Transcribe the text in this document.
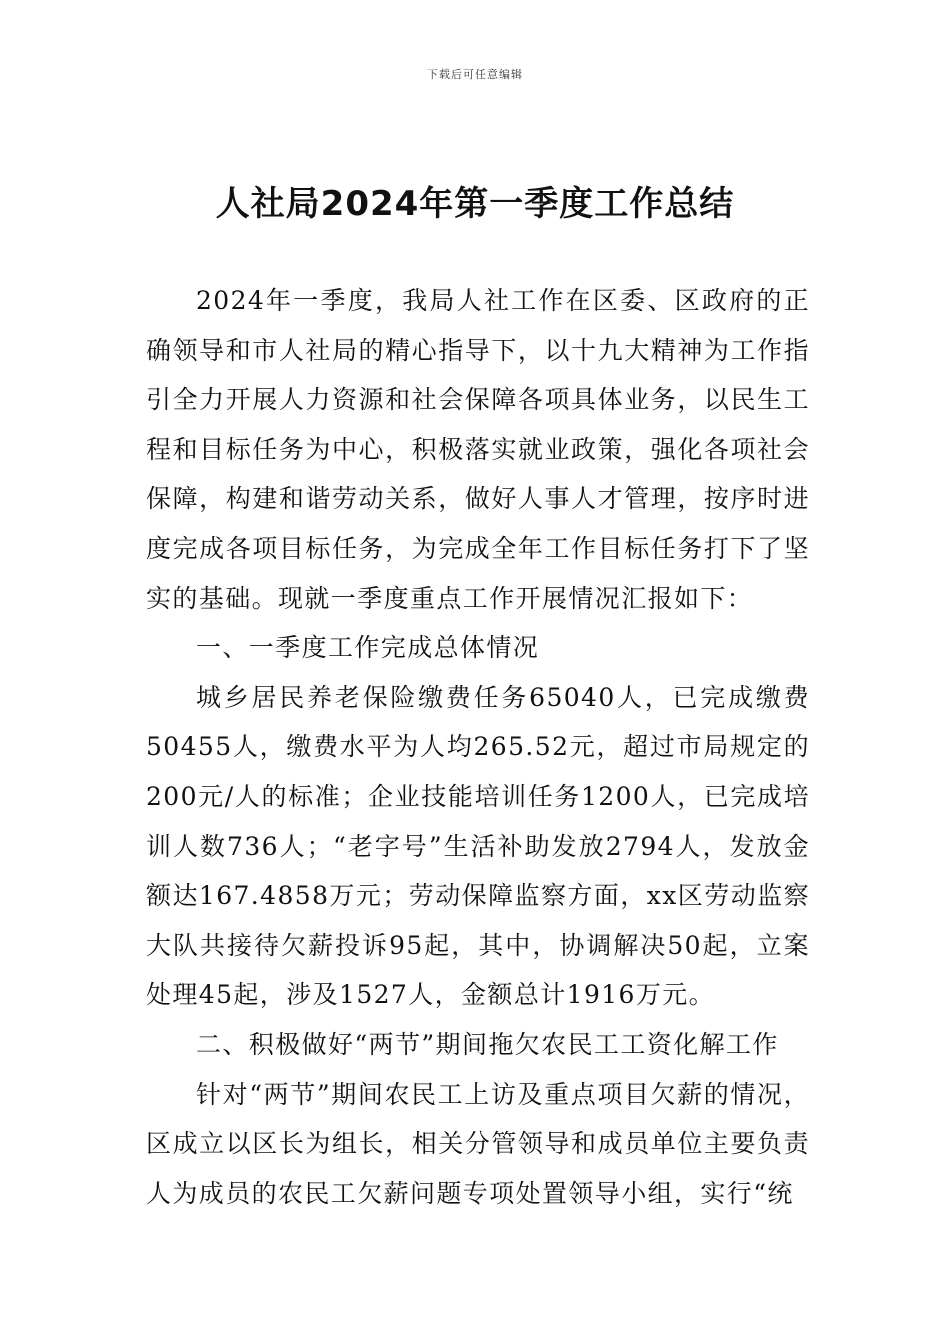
下载后可任意编辑
人社局2024年第一季度工作总结

2024年一季度，我局人社工作在区委、区政府的正确领导和市人社局的精心指导下，以十九大精神为工作指引全力开展人力资源和社会保障各项具体业务，以民生工程和目标任务为中心，积极落实就业政策，强化各项社会保障，构建和谐劳动关系，做好人事人才管理，按序时进度完成各项目标任务，为完成全年工作目标任务打下了坚实的基础。现就一季度重点工作开展情况汇报如下：

一、一季度工作完成总体情况

城乡居民养老保险缴费任务65040人，已完成缴费50455人，缴费水平为人均265.52元，超过市局规定的200元/人的标准；企业技能培训任务1200人，已完成培训人数736人；“老字号”生活补助发放2794人，发放金额达167.4858万元；劳动保障监察方面，xx区劳动监察大队共接待欠薪投诉95起，其中，协调解决50起，立案处理45起，涉及1527人，金额总计1916万元。

二、积极做好“两节”期间拖欠农民工工资化解工作

针对“两节”期间农民工上访及重点项目欠薪的情况，区成立以区长为组长，相关分管领导和成员单位主要负责人为成员的农民工欠薪问题专项处置领导小组，实行“统
